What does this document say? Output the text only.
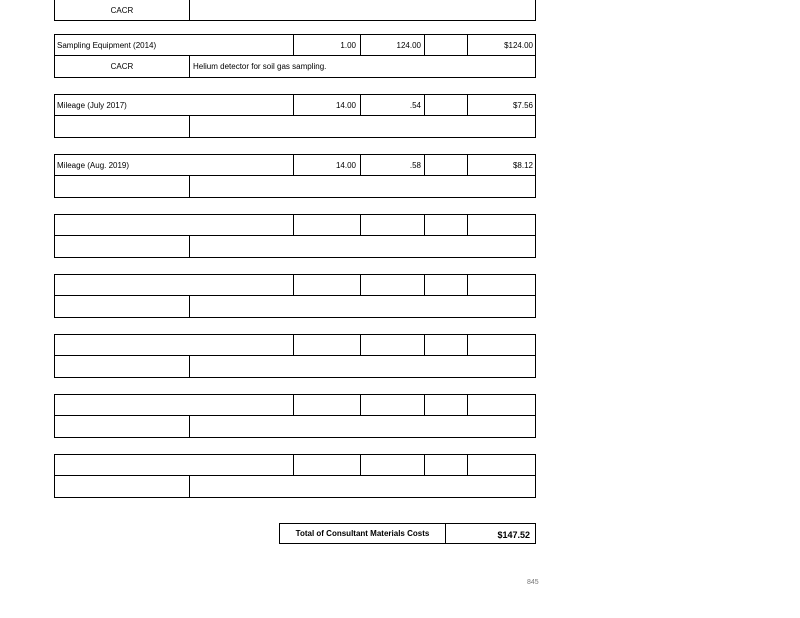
CACR
Sampling Equipment (2014)	1.00	124.00	$124.00
CACR	Helium detector for soil gas sampling.
Mileage (July 2017)	14.00	.54	$7.56
Mileage (Aug. 2019)	14.00	.58	$8.12
Total of Consultant Materials Costs	$147.52
845
